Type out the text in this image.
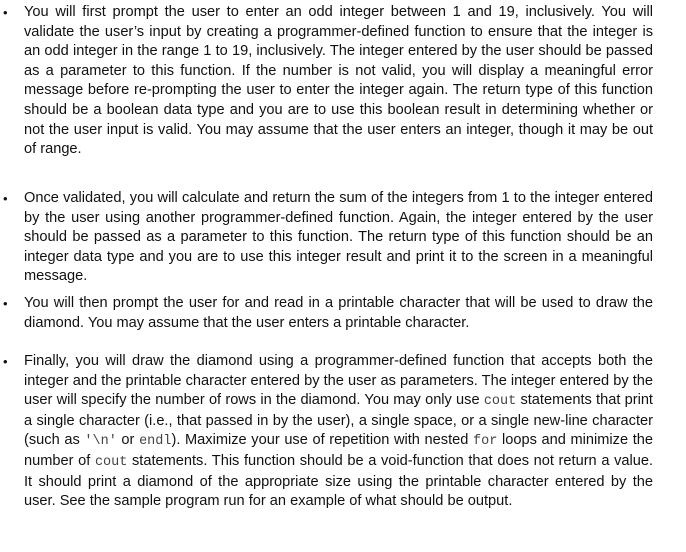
• You will first prompt the user to enter an odd integer between 1 and 19, inclusively. You will validate the user’s input by creating a programmer-defined function to ensure that the integer is an odd integer in the range 1 to 19, inclusively. The integer entered by the user should be passed as a parameter to this function. If the number is not valid, you will display a meaningful error message before re-prompting the user to enter the integer again. The return type of this function should be a boolean data type and you are to use this boolean result in determining whether or not the user input is valid. You may assume that the user enters an integer, though it may be out of range.
• Once validated, you will calculate and return the sum of the integers from 1 to the integer entered by the user using another programmer-defined function. Again, the integer entered by the user should be passed as a parameter to this function. The return type of this function should be an integer data type and you are to use this integer result and print it to the screen in a meaningful message.
• You will then prompt the user for and read in a printable character that will be used to draw the diamond. You may assume that the user enters a printable character.
• Finally, you will draw the diamond using a programmer-defined function that accepts both the integer and the printable character entered by the user as parameters. The integer entered by the user will specify the number of rows in the diamond. You may only use cout statements that print a single character (i.e., that passed in by the user), a single space, or a single new-line character (such as '\n' or endl). Maximize your use of repetition with nested for loops and minimize the number of cout statements. This function should be a void-function that does not return a value. It should print a diamond of the appropriate size using the printable character entered by the user. See the sample program run for an example of what should be output.
